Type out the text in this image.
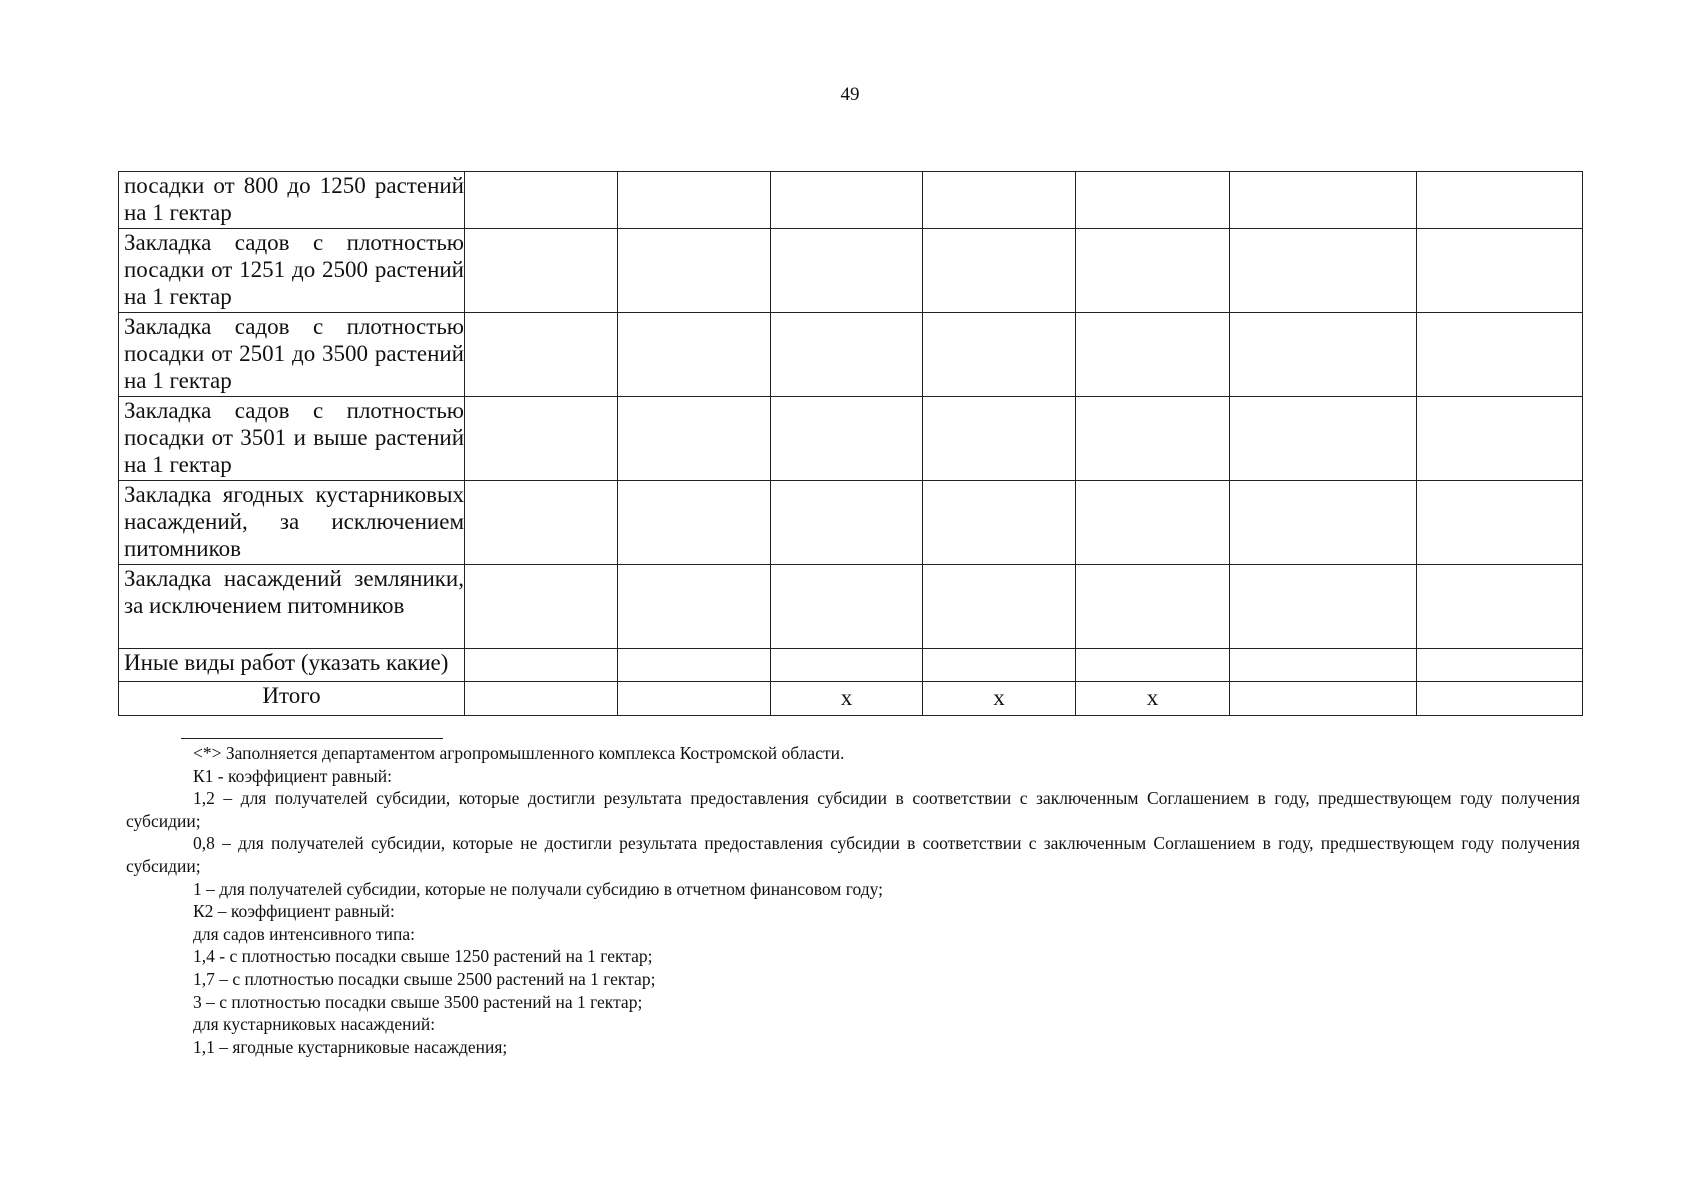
49
посадки от 800 до 1250 растений на 1 гектар							
Закладка садов с плотностью посадки от 1251 до 2500 растений на 1 гектар							
Закладка садов с плотностью посадки от 2501 до 3500 растений на 1 гектар							
Закладка садов с плотностью посадки от 3501 и выше растений на 1 гектар							
Закладка ягодных кустарниковых насаждений, за исключением питомников							
Закладка насаждений земляники, за исключением питомников							
Иные виды работ (указать какие)							
Итого			х	х	х		

<*> Заполняется департаментом агропромышленного комплекса Костромской области.

К1 - коэффициент равный:

1,2 – для получателей субсидии, которые достигли результата предоставления субсидии в соответствии с заключенным Соглашением в году, предшествующем году получения субсидии;

0,8 – для получателей субсидии, которые не достигли результата предоставления субсидии в соответствии с заключенным Соглашением в году, предшествующем году получения субсидии;

1 – для получателей субсидии, которые не получали субсидию в отчетном финансовом году;

К2 – коэффициент равный:

для садов интенсивного типа:

1,4 - с плотностью посадки свыше 1250 растений на 1 гектар;

1,7 – с плотностью посадки свыше 2500 растений на 1 гектар;

3 – с плотностью посадки свыше 3500 растений на 1 гектар;

для кустарниковых насаждений:

1,1 – ягодные кустарниковые насаждения;
